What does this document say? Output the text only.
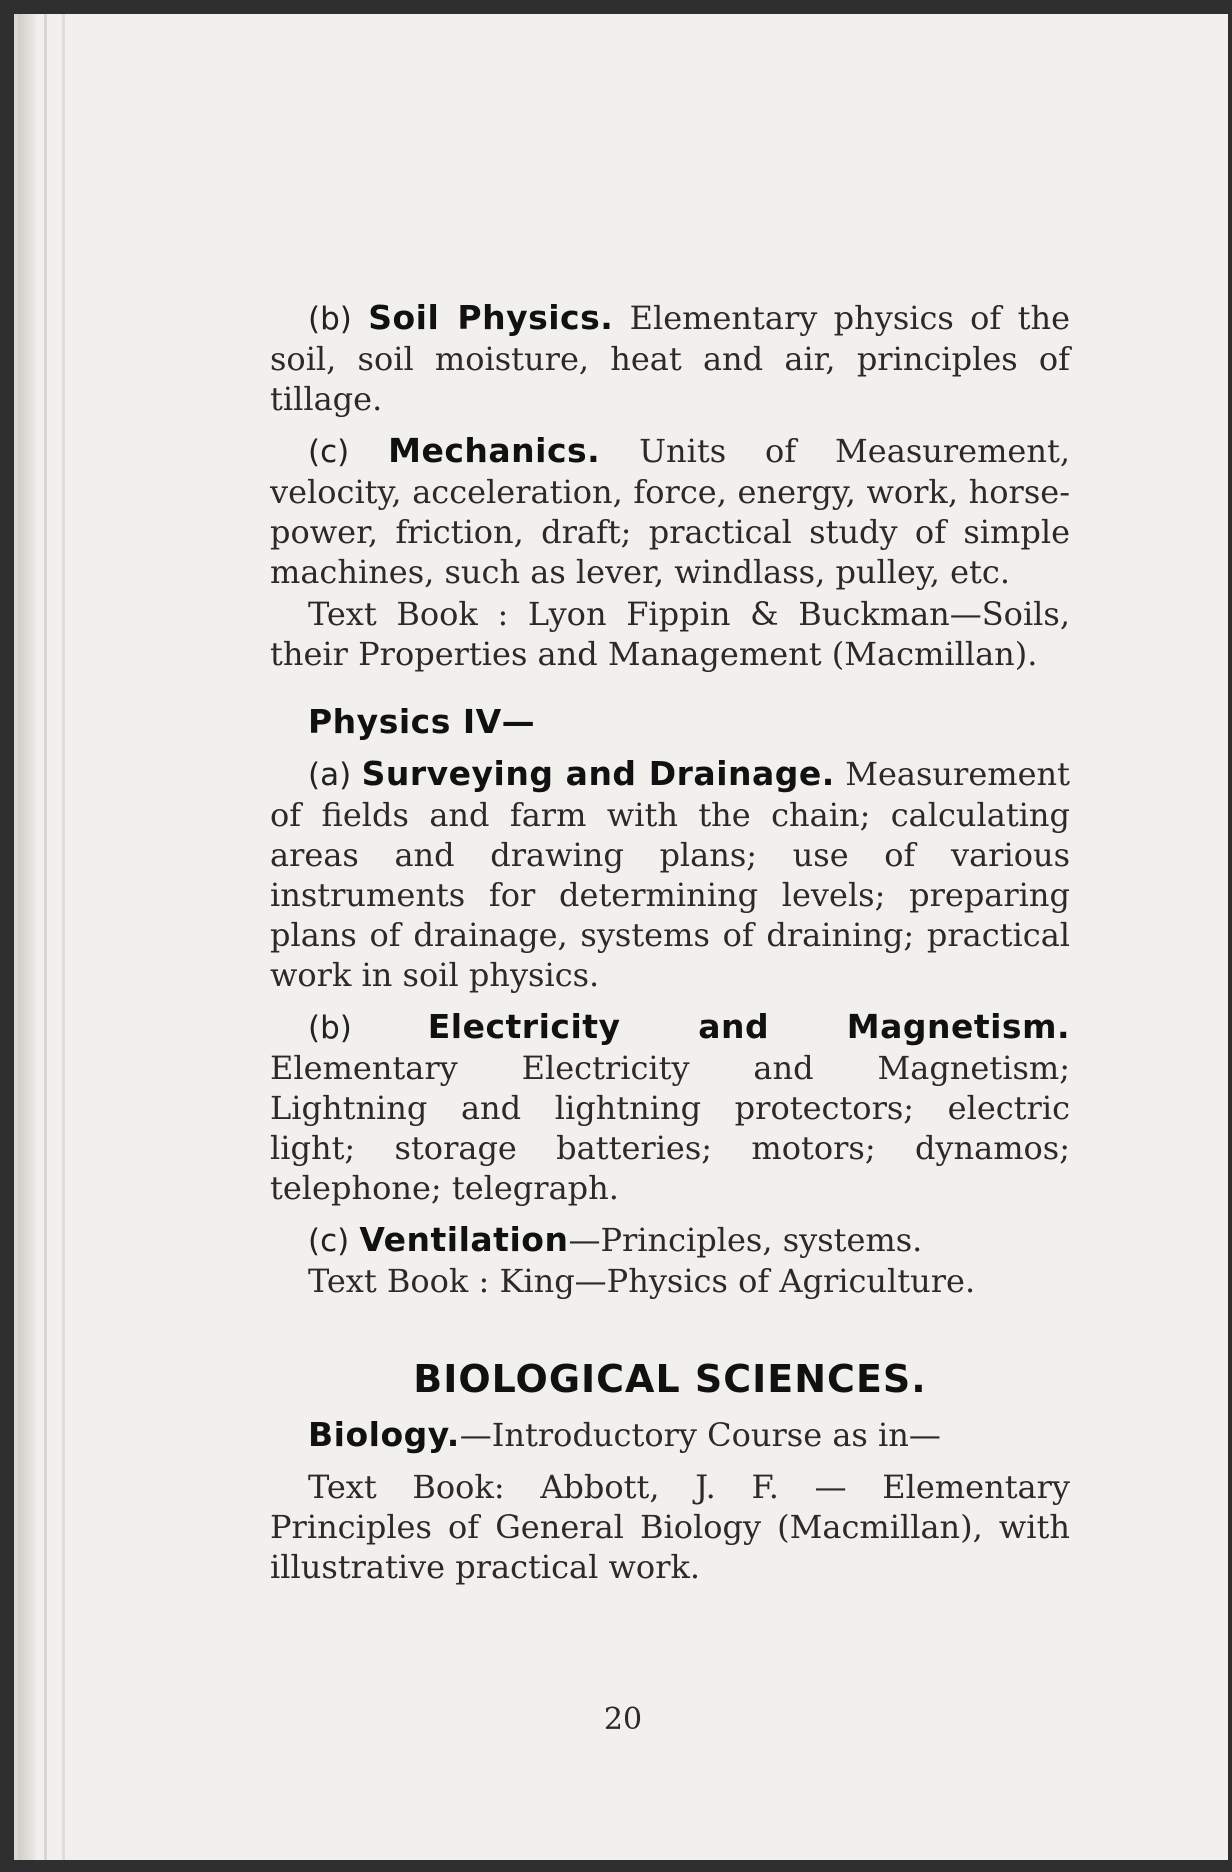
(b) Soil Physics. Elementary physics of the soil, soil moisture, heat and air, principles of tillage.

(c) Mechanics. Units of Measurement, velocity, acceleration, force, energy, work, horse-power, friction, draft; practical study of simple machines, such as lever, windlass, pulley, etc.

Text Book : Lyon Fippin & Buckman—Soils, their Properties and Management (Macmillan).

Physics IV—

(a) Surveying and Drainage. Measurement of fields and farm with the chain; calculating areas and drawing plans; use of various instruments for determining levels; preparing plans of drainage, systems of draining; practical work in soil physics.

(b) Electricity and Magnetism. Elementary Electricity and Magnetism; Lightning and lightning protectors; electric light; storage batteries; motors; dynamos; telephone; telegraph.

(c) Ventilation—Principles, systems.

Text Book : King—Physics of Agriculture.

BIOLOGICAL SCIENCES.

Biology.—Introductory Course as in—

Text Book: Abbott, J. F. — Elementary Principles of General Biology (Macmillan), with illustrative practical work.

20
